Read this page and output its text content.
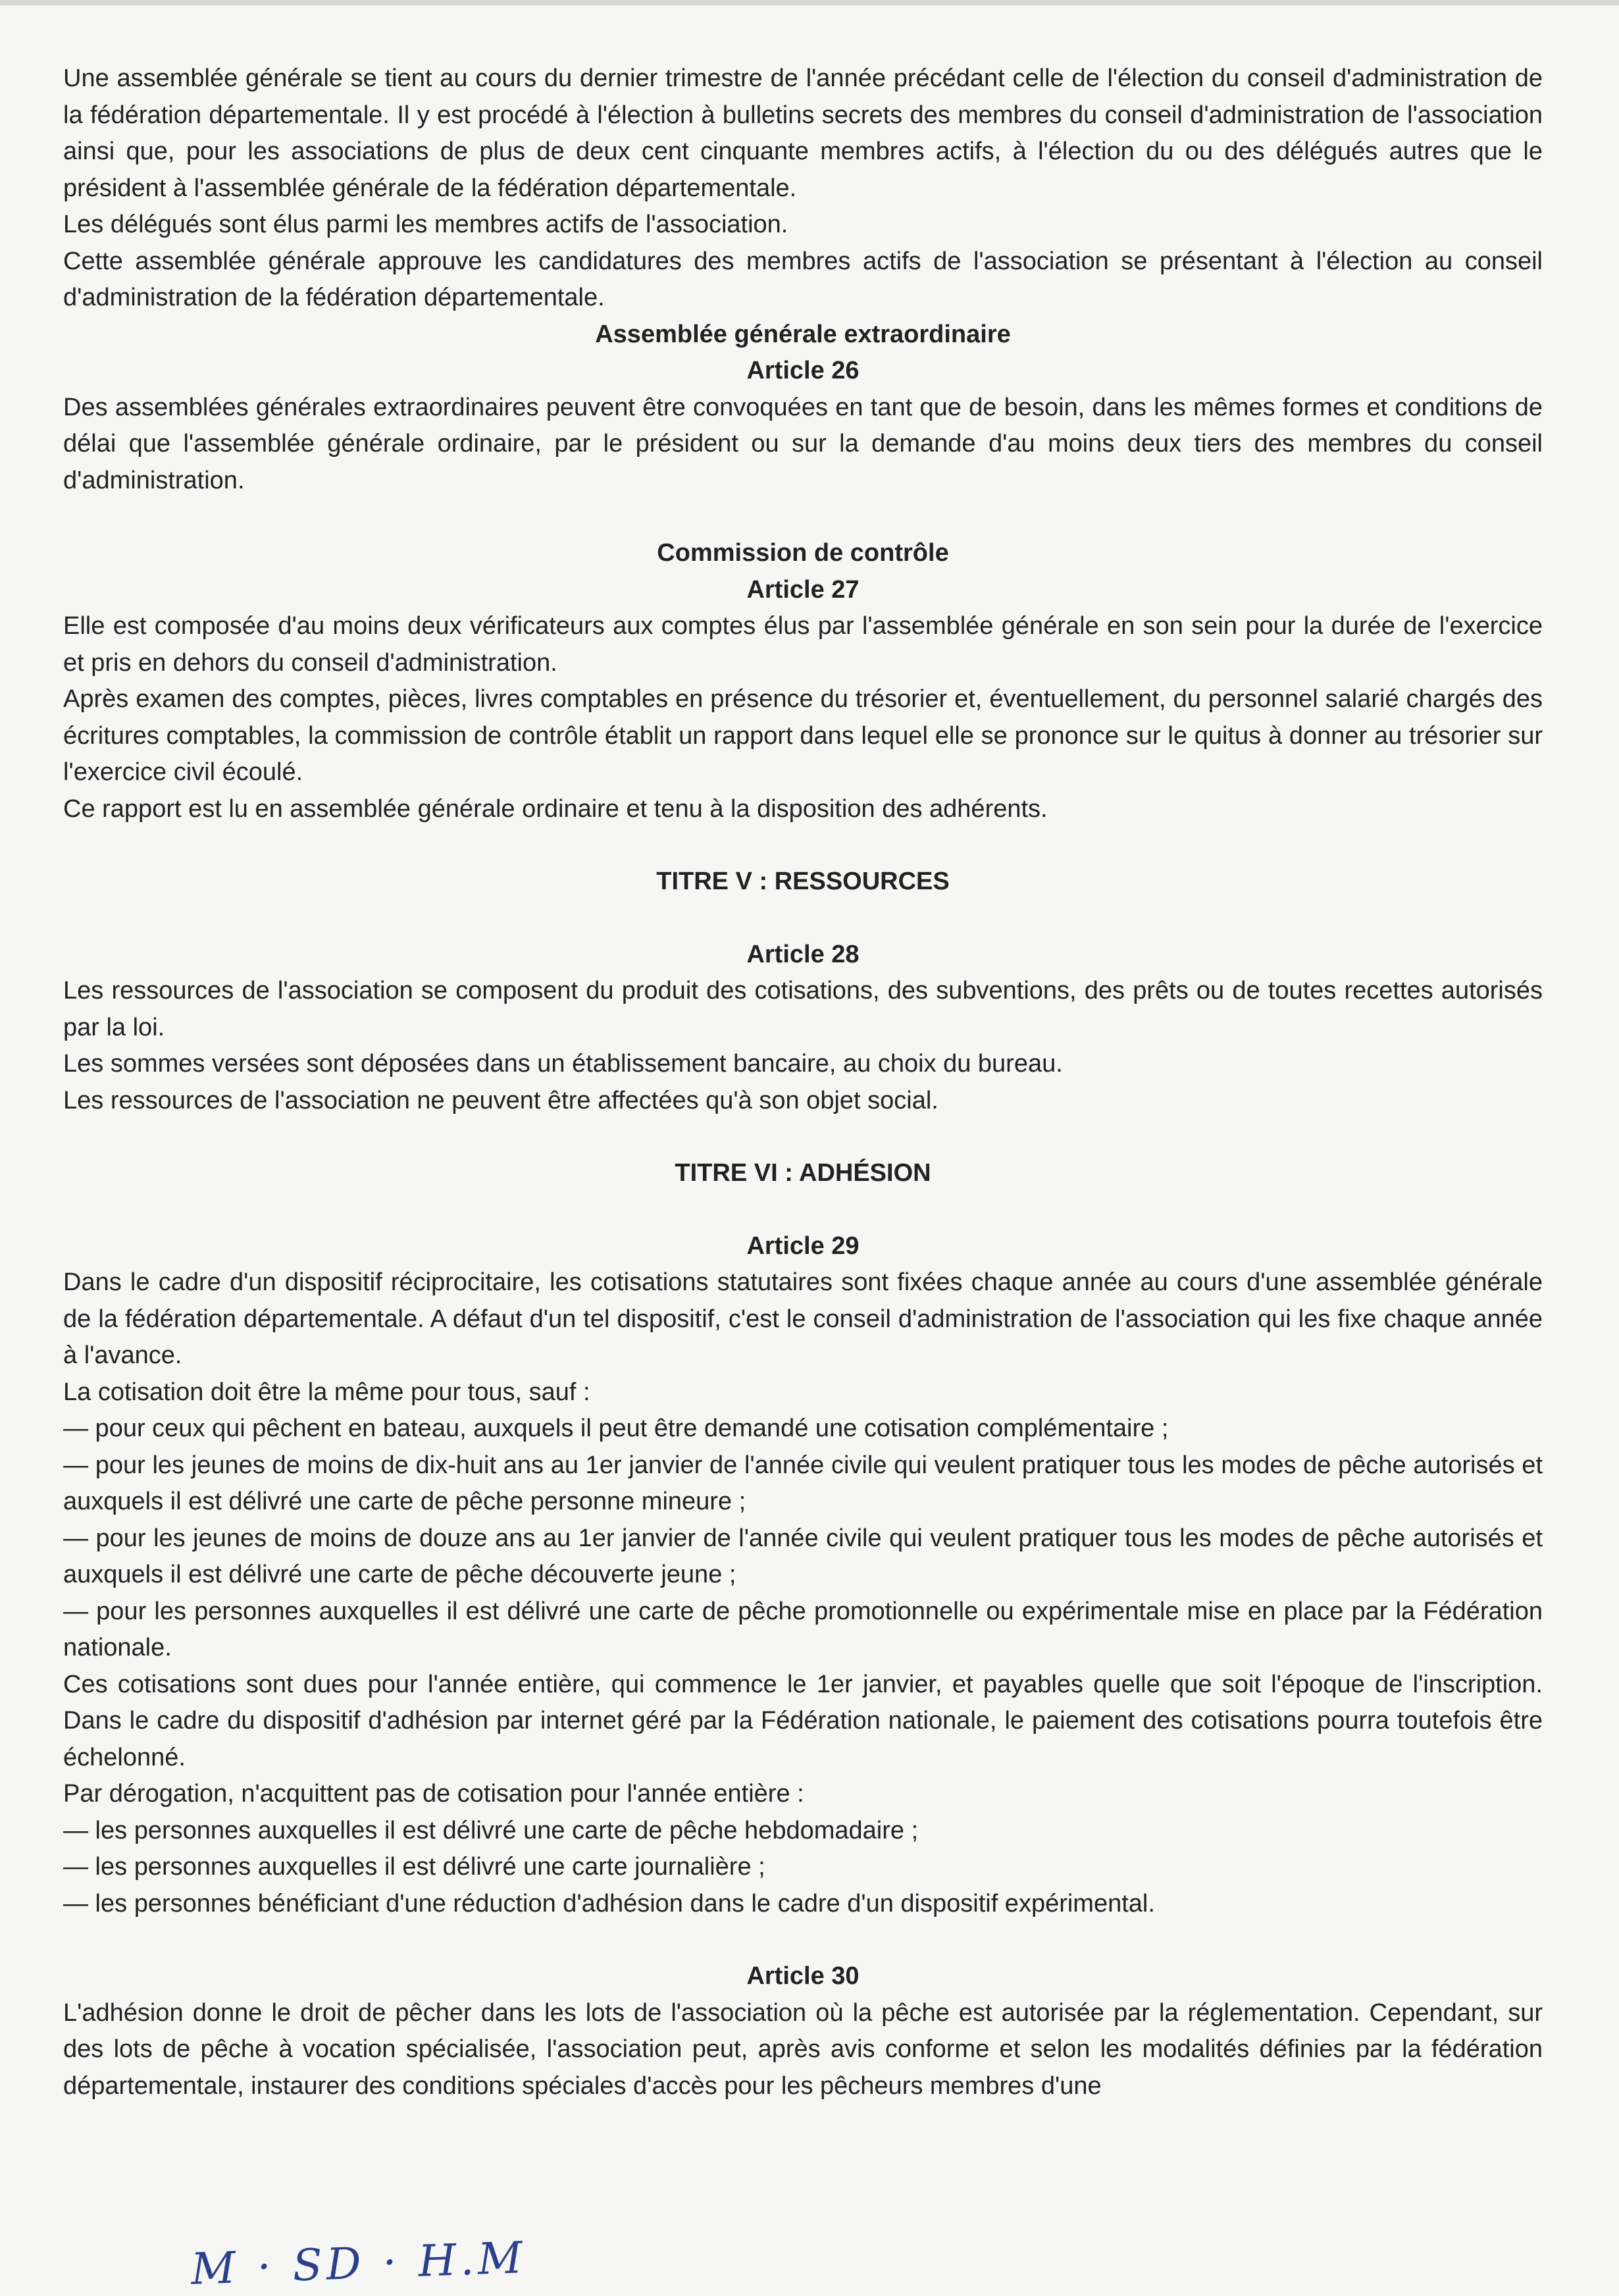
Une assemblée générale se tient au cours du dernier trimestre de l'année précédant celle de l'élection du conseil d'administration de la fédération départementale. Il y est procédé à l'élection à bulletins secrets des membres du conseil d'administration de l'association ainsi que, pour les associations de plus de deux cent cinquante membres actifs, à l'élection du ou des délégués autres que le président à l'assemblée générale de la fédération départementale.

Les délégués sont élus parmi les membres actifs de l'association.

Cette assemblée générale approuve les candidatures des membres actifs de l'association se présentant à l'élection au conseil d'administration de la fédération départementale.

Assemblée générale extraordinaire

Article 26

Des assemblées générales extraordinaires peuvent être convoquées en tant que de besoin, dans les mêmes formes et conditions de délai que l'assemblée générale ordinaire, par le président ou sur la demande d'au moins deux tiers des membres du conseil d'administration.

Commission de contrôle

Article 27

Elle est composée d'au moins deux vérificateurs aux comptes élus par l'assemblée générale en son sein pour la durée de l'exercice et pris en dehors du conseil d'administration.

Après examen des comptes, pièces, livres comptables en présence du trésorier et, éventuellement, du personnel salarié chargés des écritures comptables, la commission de contrôle établit un rapport dans lequel elle se prononce sur le quitus à donner au trésorier sur l'exercice civil écoulé.

Ce rapport est lu en assemblée générale ordinaire et tenu à la disposition des adhérents.

TITRE V : RESSOURCES

Article 28

Les ressources de l'association se composent du produit des cotisations, des subventions, des prêts ou de toutes recettes autorisés par la loi.

Les sommes versées sont déposées dans un établissement bancaire, au choix du bureau.

Les ressources de l'association ne peuvent être affectées qu'à son objet social.

TITRE VI : ADHÉSION

Article 29

Dans le cadre d'un dispositif réciprocitaire, les cotisations statutaires sont fixées chaque année au cours d'une assemblée générale de la fédération départementale. A défaut d'un tel dispositif, c'est le conseil d'administration de l'association qui les fixe chaque année à l'avance.

La cotisation doit être la même pour tous, sauf :

— pour ceux qui pêchent en bateau, auxquels il peut être demandé une cotisation complémentaire ;

— pour les jeunes de moins de dix-huit ans au 1er janvier de l'année civile qui veulent pratiquer tous les modes de pêche autorisés et auxquels il est délivré une carte de pêche personne mineure ;

— pour les jeunes de moins de douze ans au 1er janvier de l'année civile qui veulent pratiquer tous les modes de pêche autorisés et auxquels il est délivré une carte de pêche découverte jeune ;

— pour les personnes auxquelles il est délivré une carte de pêche promotionnelle ou expérimentale mise en place par la Fédération nationale.

Ces cotisations sont dues pour l'année entière, qui commence le 1er janvier, et payables quelle que soit l'époque de l'inscription. Dans le cadre du dispositif d'adhésion par internet géré par la Fédération nationale, le paiement des cotisations pourra toutefois être échelonné.

Par dérogation, n'acquittent pas de cotisation pour l'année entière :

— les personnes auxquelles il est délivré une carte de pêche hebdomadaire ;

— les personnes auxquelles il est délivré une carte journalière ;

— les personnes bénéficiant d'une réduction d'adhésion dans le cadre d'un dispositif expérimental.

Article 30

L'adhésion donne le droit de pêcher dans les lots de l'association où la pêche est autorisée par la réglementation. Cependant, sur des lots de pêche à vocation spécialisée, l'association peut, après avis conforme et selon les modalités définies par la fédération départementale, instaurer des conditions spéciales d'accès pour les pêcheurs membres d'une

M · SD · H.M
